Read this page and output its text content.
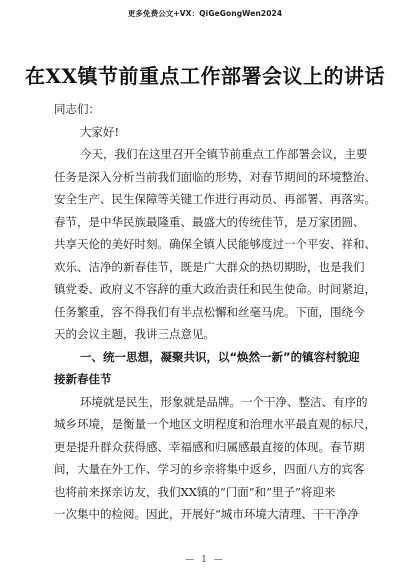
更多免费公文+VX：QiGeGongWen2024
在XX镇节前重点工作部署会议上的讲话
同志们：
大家好!
今天，我们在这里召开全镇节前重点工作部署会议，主要
任务是深入分析当前我们面临的形势，对春节期间的环境整治、
安全生产、民生保障等关键工作进行再动员、再部署、再落实。
春节，是中华民族最隆重、最盛大的传统佳节，是万家团圆、
共享天伦的美好时刻。确保全镇人民能够度过一个平安、祥和、
欢乐、洁净的新春佳节，既是广大群众的热切期盼，也是我们
镇党委、政府义不容辞的重大政治责任和民生使命。时间紧迫，
任务繁重，容不得我们有半点松懈和丝毫马虎。下面，围绕今
天的会议主题，我讲三点意见。
一、统一思想，凝聚共识，以“焕然一新”的镇容村貌迎
接新春佳节
环境就是民生，形象就是品牌。一个干净、整洁、有序的
城乡环境，是衡量一个地区文明程度和治理水平最直观的标尺，
更是提升群众获得感、幸福感和归属感最直接的体现。春节期
间，大量在外工作、学习的乡亲将集中返乡，四面八方的宾客
也将前来探亲访友，我们XX镇的“门面”和“里子”将迎来
一次集中的检阅。因此，开展好“城市环境大清理、干干净净
— 1 —
